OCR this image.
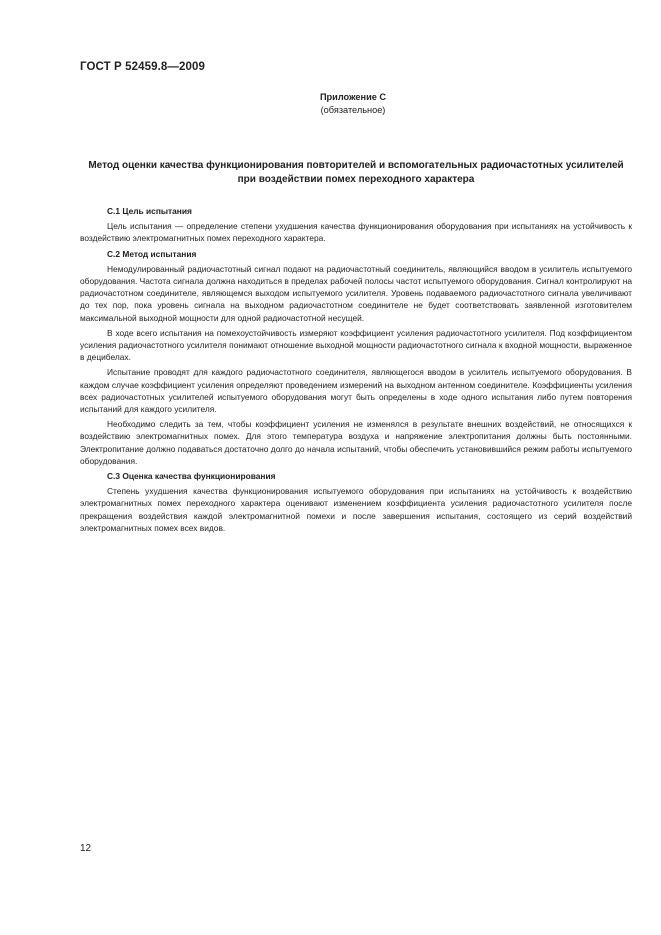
ГОСТ Р 52459.8—2009
Приложение С
(обязательное)
Метод оценки качества функционирования повторителей и вспомогательных радиочастотных усилителей при воздействии помех переходного характера

С.1 Цель испытания

Цель испытания — определение степени ухудшения качества функционирования оборудования при испытаниях на устойчивость к воздействию электромагнитных помех переходного характера.

С.2 Метод испытания

Немодулированный радиочастотный сигнал подают на радиочастотный соединитель, являющийся вводом в усилитель испытуемого оборудования. Частота сигнала должна находиться в пределах рабочей полосы частот испытуемого оборудования. Сигнал контролируют на радиочастотном соединителе, являющемся выходом испытуемого усилителя. Уровень подаваемого радиочастотного сигнала увеличивают до тех пор, пока уровень сигнала на выходном радиочастотном соединителе не будет соответствовать заявленной изготовителем максимальной выходной мощности для одной радиочастотной несущей.

В ходе всего испытания на помехоустойчивость измеряют коэффициент усиления радиочастотного усилителя. Под коэффициентом усиления радиочастотного усилителя понимают отношение выходной мощности радиочастотного сигнала к входной мощности, выраженное в децибелах.

Испытание проводят для каждого радиочастотного соединителя, являющегося вводом в усилитель испытуемого оборудования. В каждом случае коэффициент усиления определяют проведением измерений на выходном антенном соединителе. Коэффициенты усиления всех радиочастотных усилителей испытуемого оборудования могут быть определены в ходе одного испытания либо путем повторения испытаний для каждого усилителя.

Необходимо следить за тем, чтобы коэффициент усиления не изменялся в результате внешних воздействий, не относящихся к воздействию электромагнитных помех. Для этого температура воздуха и напряжение электропитания должны быть постоянными. Электропитание должно подаваться достаточно долго до начала испытаний, чтобы обеспечить установившийся режим работы испытуемого оборудования.

С.3 Оценка качества функционирования

Степень ухудшения качества функционирования испытуемого оборудования при испытаниях на устойчивость к воздействию электромагнитных помех переходного характера оценивают изменением коэффициента усиления радиочастотного усилителя после прекращения воздействия каждой электромагнитной помехи и после завершения испытания, состоящего из серий воздействий электромагнитных помех всех видов.

12
